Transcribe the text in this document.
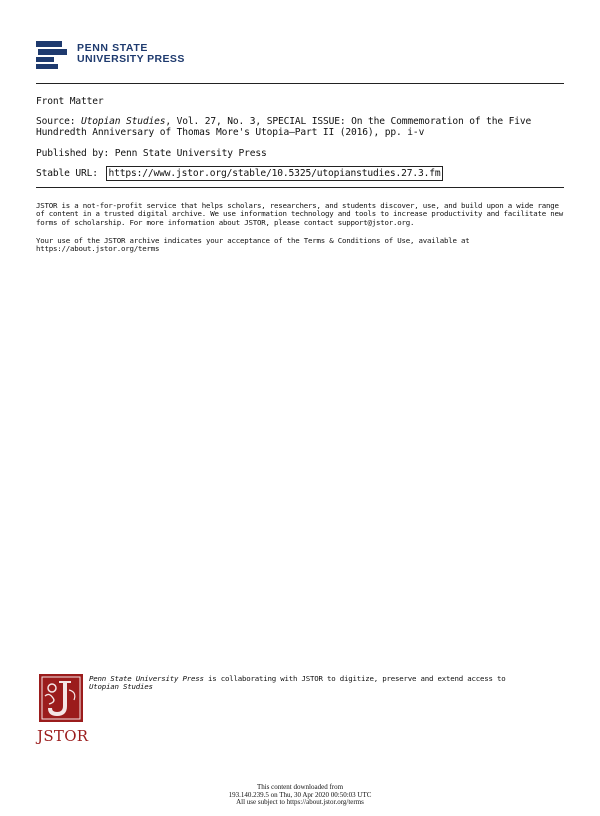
PENN STATE
UNIVERSITY PRESS
Front Matter
Source: Utopian Studies, Vol. 27, No. 3, SPECIAL ISSUE: On the Commemoration of the Five Hundredth Anniversary of Thomas More's Utopia—Part II (2016), pp. i-v
Published by: Penn State University Press
Stable URL: https://www.jstor.org/stable/10.5325/utopianstudies.27.3.fm
JSTOR is a not-for-profit service that helps scholars, researchers, and students discover, use, and build upon a wide range of content in a trusted digital archive. We use information technology and tools to increase productivity and facilitate new forms of scholarship. For more information about JSTOR, please contact support@jstor.org.
Your use of the JSTOR archive indicates your acceptance of the Terms & Conditions of Use, available at https://about.jstor.org/terms
JSTOR
Penn State University Press is collaborating with JSTOR to digitize, preserve and extend access to
Utopian Studies
This content downloaded from
193.140.239.5 on Thu, 30 Apr 2020 00:50:03 UTC
All use subject to https://about.jstor.org/terms
